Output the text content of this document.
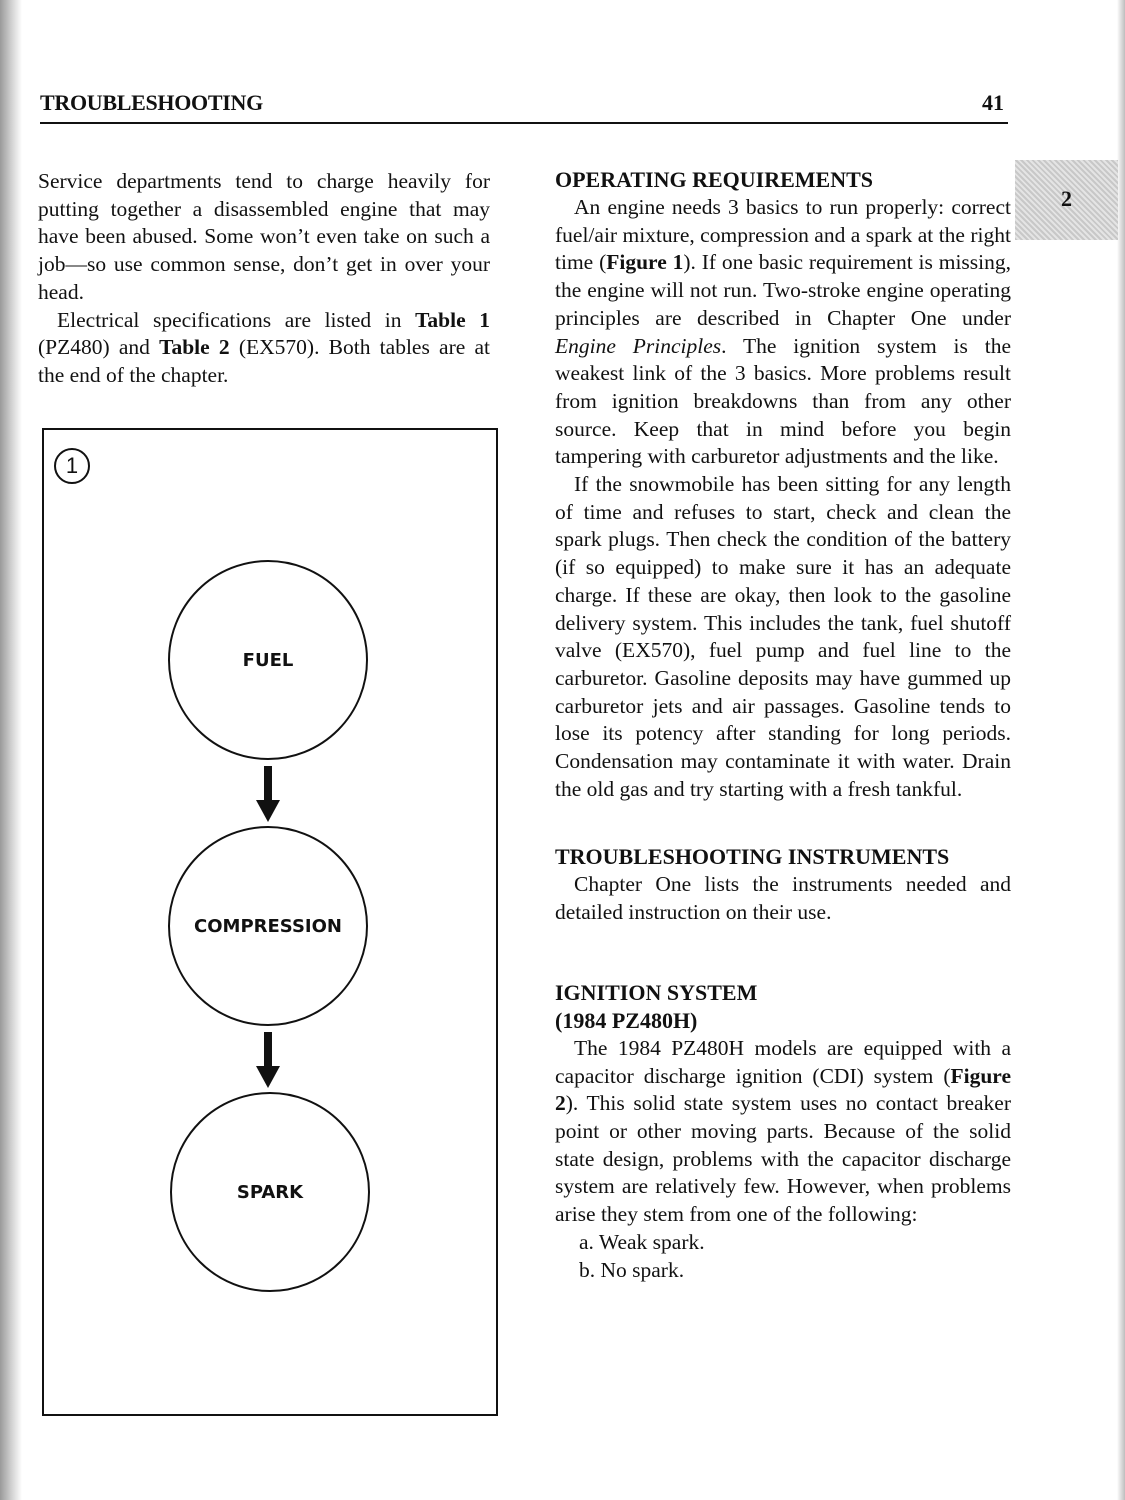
TROUBLESHOOTING	41
2

Service departments tend to charge heavily for putting together a disassembled engine that may have been abused. Some won’t even take on such a job—so use common sense, don’t get in over your head.

Electrical specifications are listed in Table 1 (PZ480) and Table 2 (EX570). Both tables are at the end of the chapter.

1
FUEL
COMPRESSION
SPARK

OPERATING REQUIREMENTS

An engine needs 3 basics to run properly: correct fuel/air mixture, compression and a spark at the right time (Figure 1). If one basic requirement is missing, the engine will not run. Two-stroke engine operating principles are described in Chapter One under Engine Principles. The ignition system is the weakest link of the 3 basics. More problems result from ignition breakdowns than from any other source. Keep that in mind before you begin tampering with carburetor adjustments and the like.

If the snowmobile has been sitting for any length of time and refuses to start, check and clean the spark plugs. Then check the condition of the battery (if so equipped) to make sure it has an adequate charge. If these are okay, then look to the gasoline delivery system. This includes the tank, fuel shutoff valve (EX570), fuel pump and fuel line to the carburetor. Gasoline deposits may have gummed up carburetor jets and air passages. Gasoline tends to lose its potency after standing for long periods. Condensation may contaminate it with water. Drain the old gas and try starting with a fresh tankful.

TROUBLESHOOTING INSTRUMENTS

Chapter One lists the instruments needed and detailed instruction on their use.

IGNITION SYSTEM

(1984 PZ480H)

The 1984 PZ480H models are equipped with a capacitor discharge ignition (CDI) system (Figure 2). This solid state system uses no contact breaker point or other moving parts. Because of the solid state design, problems with the capacitor discharge system are relatively few. However, when problems arise they stem from one of the following:

a. Weak spark.

b. No spark.
